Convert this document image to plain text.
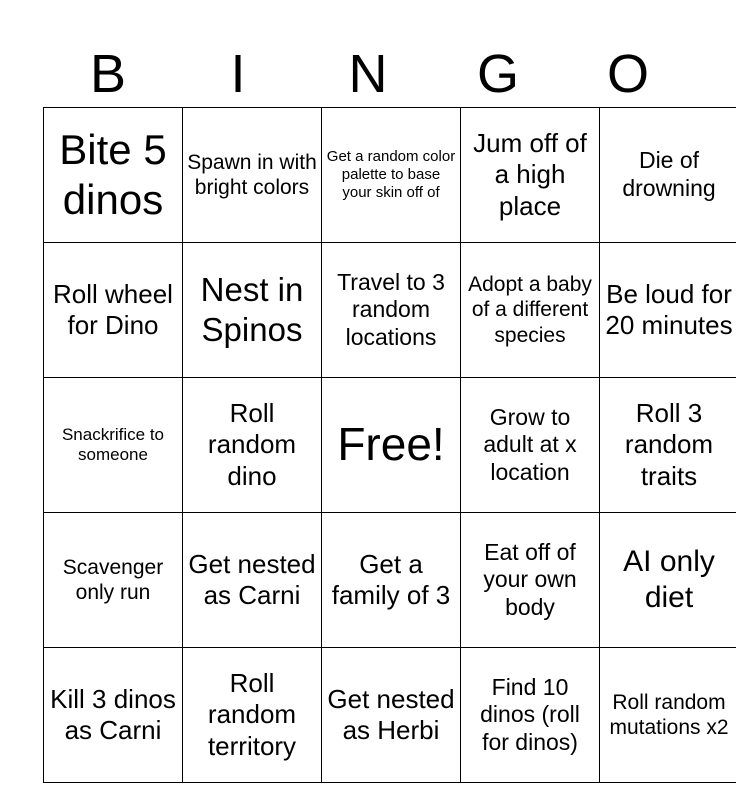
B	I	N	G	O
Bite 5 dinos	Spawn in with bright colors	Get a random color palette to base your skin off of	Jum off of a high place	Die of drowning
Roll wheel for Dino	Nest in Spinos	Travel to 3 random locations	Adopt a baby of a different species	Be loud for 20 minutes
Snackrifice to someone	Roll random dino	Free!	Grow to adult at x location	Roll 3 random traits
Scavenger only run	Get nested as Carni	Get a family of 3	Eat off of your own body	AI only diet
Kill 3 dinos as Carni	Roll random territory	Get nested as Herbi	Find 10 dinos (roll for dinos)	Roll random mutations x2
